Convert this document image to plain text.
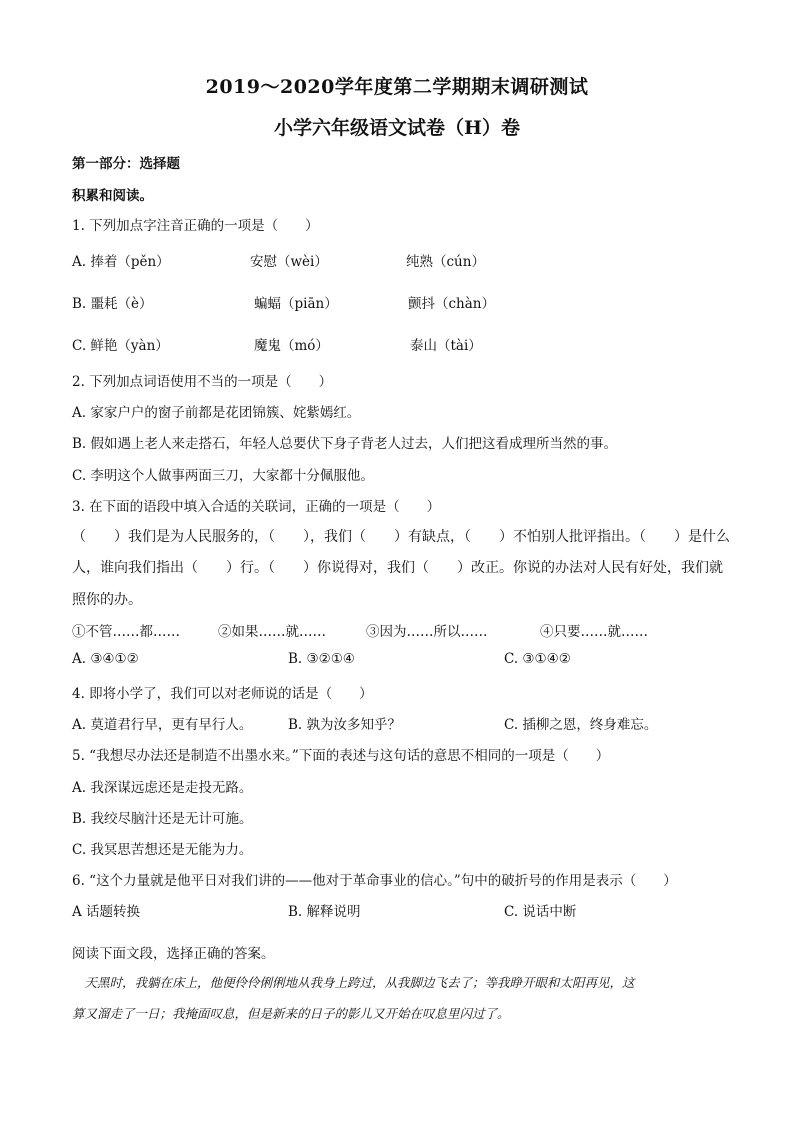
2019～2020学年度第二学期期末调研测试
小学六年级语文试卷（H）卷
第一部分：选择题
积累和阅读。
1. 下列加点字注音正确的一项是（　　）
A. 捧着（pěn）	安慰（wèi）	纯熟（cún）
B. 噩耗（è）	蝙蝠（piān）	颤抖（chàn）
C. 鲜艳（yàn）	魔鬼（mó）	泰山（tài）
2. 下列加点词语使用不当的一项是（　　）
A. 家家户户的窗子前都是花团锦簇、姹紫嫣红。
B. 假如遇上老人来走搭石，年轻人总要伏下身子背老人过去，人们把这看成理所当然的事。
C. 李明这个人做事两面三刀，大家都十分佩服他。
3. 在下面的语段中填入合适的关联词，正确的一项是（　　）
（　　）我们是为人民服务的，（　　），我们（　　）有缺点，（　　）不怕别人批评指出。（　　）是什么
人，谁向我们指出（　　）行。（　　）你说得对，我们（　　）改正。你说的办法对人民有好处，我们就
照你的办。
①不管……都……	②如果……就……	③因为……所以……	④只要……就……
A. ③④①②	B. ③②①④	C. ③①④②
4. 即将小学了，我们可以对老师说的话是（　　）
A. 莫道君行早，更有早行人。	B. 孰为汝多知乎？	C. 插柳之恩，终身难忘。
5. “我想尽办法还是制造不出墨水来。”下面的表述与这句话的意思不相同的一项是（　　）
A. 我深谋远虑还是走投无路。
B. 我绞尽脑汁还是无计可施。
C. 我冥思苦想还是无能为力。
6. “这个力量就是他平日对我们讲的——他对于革命事业的信心。”句中的破折号的作用是表示（　　）
A 话题转换	B. 解释说明	C. 说话中断
阅读下面文段，选择正确的答案。
　天黑时，我躺在床上，他便伶伶俐俐地从我身上跨过，从我脚边飞去了；等我睁开眼和太阳再见，这
算又溜走了一日；我掩面叹息，但是新来的日子的影儿又开始在叹息里闪过了。
